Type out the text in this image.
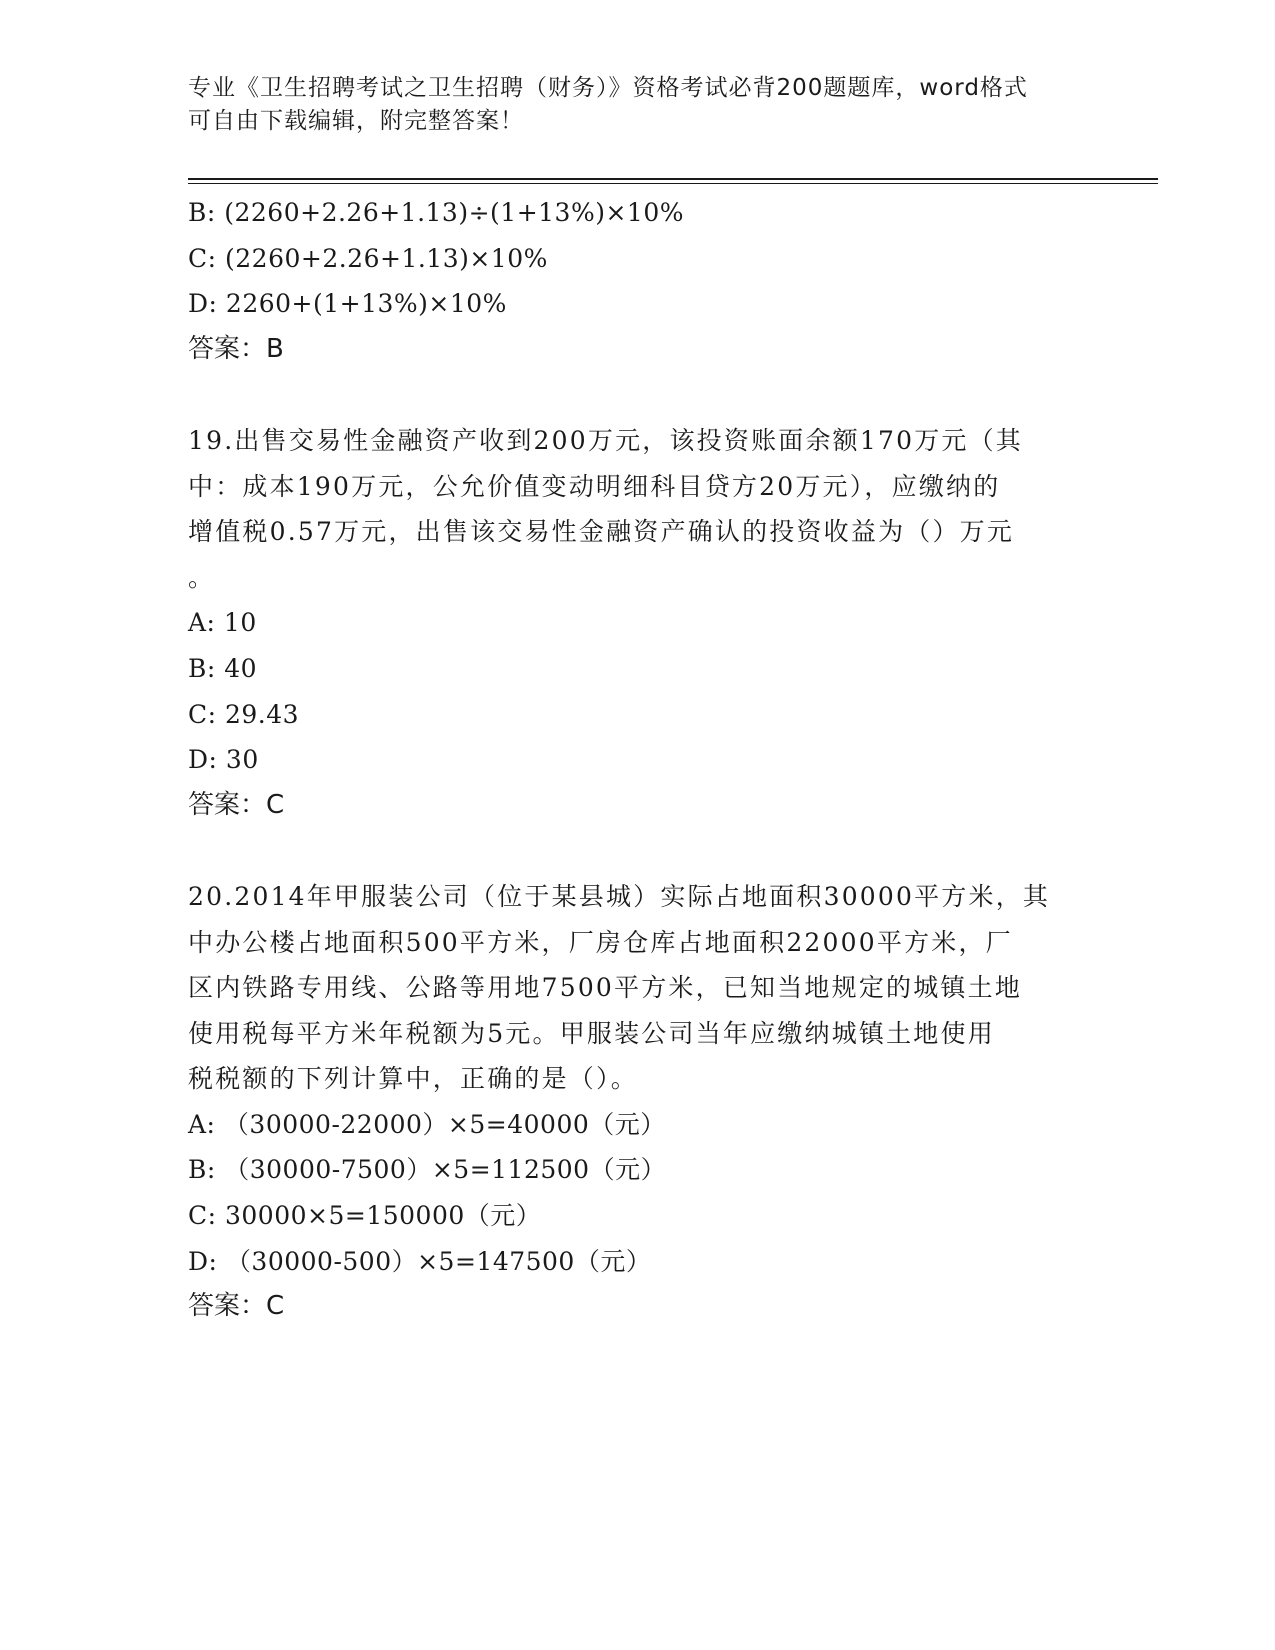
专业《卫生招聘考试之卫生招聘（财务）》资格考试必背200题题库，word格式
可自由下载编辑，附完整答案！
B: (2260+2.26+1.13)÷(1+13%)×10%
C: (2260+2.26+1.13)×10%
D: 2260+(1+13%)×10%
答案：B
19.出售交易性金融资产收到200万元，该投资账面余额170万元（其
中：成本190万元，公允价值变动明细科目贷方20万元），应缴纳的
增值税0.57万元，出售该交易性金融资产确认的投资收益为（）万元
。
A: 10
B: 40
C: 29.43
D: 30
答案：C
20.2014年甲服装公司（位于某县城）实际占地面积30000平方米，其
中办公楼占地面积500平方米，厂房仓库占地面积22000平方米，厂
区内铁路专用线、公路等用地7500平方米，已知当地规定的城镇土地
使用税每平方米年税额为5元。甲服装公司当年应缴纳城镇土地使用
税税额的下列计算中，正确的是（）。
A: （30000-22000）×5=40000（元）
B: （30000-7500）×5=112500（元）
C: 30000×5=150000（元）
D: （30000-500）×5=147500（元）
答案：C
